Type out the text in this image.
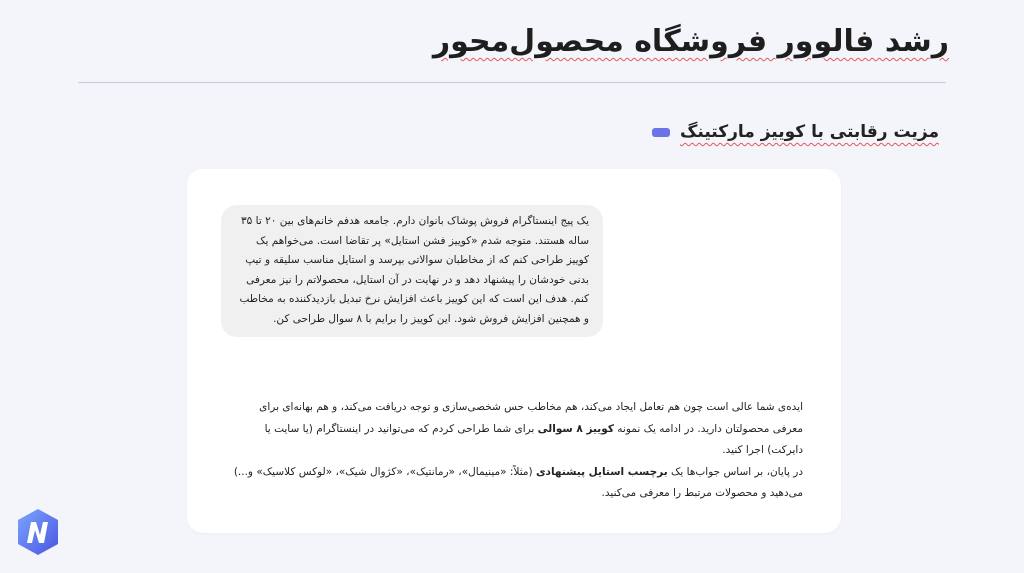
رشد فالوور فروشگاه محصول‌محور
مزیت رقابتی با کوییز مارکتینگ
یک پیج اینستاگرام فروش پوشاک بانوان دارم. جامعه هدفم خانم‌های بین ۲۰ تا ۳۵ ساله هستند. متوجه شدم «کوییز فشن استایل» پر تقاضا است. می‌خواهم یک کوییز طراحی کنم که از مخاطبان سوالاتی بپرسد و استایل مناسب سلیقه و تیپ بدنی خودشان را پیشنهاد دهد و در نهایت در آن استایل، محصولاتم را نیز معرفی کنم. هدف این است که این کوییز باعث افزایش نرخ تبدیل بازدیدکننده به مخاطب و همچنین افزایش فروش شود. این کوییز را برایم با ۸ سوال طراحی کن.

ایده‌ی شما عالی است چون هم تعامل ایجاد می‌کند، هم مخاطب حس شخصی‌سازی و توجه دریافت می‌کند، و هم بهانه‌ای برای معرفی محصولتان دارید. در ادامه یک نمونه کوییز ۸ سوالی برای شما طراحی کردم که می‌توانید در اینستاگرام (یا سایت یا دایرکت) اجرا کنید.

در پایان، بر اساس جواب‌ها یک برچسب استایل پیشنهادی (مثلاً: «مینیمال»، «رمانتیک»، «کژوال شیک»، «لوکس کلاسیک» و...) می‌دهید و محصولات مرتبط را معرفی می‌کنید.
